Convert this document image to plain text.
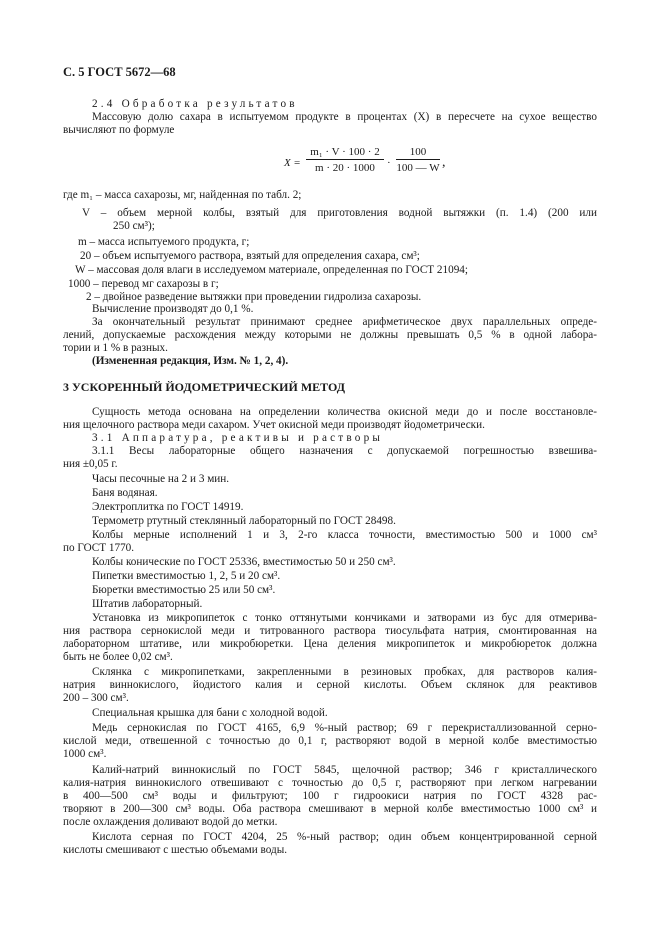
С. 5 ГОСТ 5672—68
2.4 Обработка результатов
Массовую долю сахара в испытуемом продукте в процентах (X) в пересчете на сухое вещество
вычисляют по формуле
X =
m₁ · V · 100 · 2
m · 20 · 1000	·
100
100 — W ,
где m₁ – масса сахарозы, мг, найденная по табл. 2;
V – объем мерной колбы, взятый для приготовления водной вытяжки (п. 1.4) (200 или
250 см³);
m – масса испытуемого продукта, г;
20 – объем испытуемого раствора, взятый для определения сахара, см³;
W – массовая доля влаги в исследуемом материале, определенная по ГОСТ 21094;
1000 – перевод мг сахарозы в г;
2 – двойное разведение вытяжки при проведении гидролиза сахарозы.
Вычисление производят до 0,1 %.
За окончательный результат принимают среднее арифметическое двух параллельных опреде-
лений, допускаемые расхождения между которыми не должны превышать 0,5 % в одной лабора-
тории и 1 % в разных.
(Измененная редакция, Изм. № 1, 2, 4).
3 УСКОРЕННЫЙ ЙОДОМЕТРИЧЕСКИЙ МЕТОД
Сущность метода основана на определении количества окисной меди до и после восстановле-
ния щелочного раствора меди сахаром. Учет окисной меди производят йодометрически.
3.1 Аппаратура, реактивы и растворы
3.1.1 Весы лабораторные общего назначения с допускаемой погрешностью взвешива-
ния ±0,05 г.
Часы песочные на 2 и 3 мин.
Баня водяная.
Электроплитка по ГОСТ 14919.
Термометр ртутный стеклянный лабораторный по ГОСТ 28498.
Колбы мерные исполнений 1 и 3, 2-го класса точности, вместимостью 500 и 1000 см³
по ГОСТ 1770.
Колбы конические по ГОСТ 25336, вместимостью 50 и 250 см³.
Пипетки вместимостью 1, 2, 5 и 20 см³.
Бюретки вместимостью 25 или 50 см³.
Штатив лабораторный.
Установка из микропипеток с тонко оттянутыми кончиками и затворами из бус для отмерива-
ния раствора сернокислой меди и титрованного раствора тиосульфата натрия, смонтированная на
лабораторном штативе, или микробюретки. Цена деления микропипеток и микробюреток должна
быть не более 0,02 см³.
Склянка с микропипетками, закрепленными в резиновых пробках, для растворов калия-
натрия виннокислого, йодистого калия и серной кислоты. Объем склянок для реактивов
200 – 300 см³.
Специальная крышка для бани с холодной водой.
Медь сернокислая по ГОСТ 4165, 6,9 %-ный раствор; 69 г перекристаллизованной серно-
кислой меди, отвешенной с точностью до 0,1 г, растворяют водой в мерной колбе вместимостью
1000 см³.
Калий-натрий виннокислый по ГОСТ 5845, щелочной раствор; 346 г кристаллического
калия-натрия виннокислого отвешивают с точностью до 0,5 г, растворяют при легком нагревании
в 400—500 см³ воды и фильтруют; 100 г гидроокиси натрия по ГОСТ 4328 рас-
творяют в 200—300 см³ воды. Оба раствора смешивают в мерной колбе вместимостью 1000 см³ и
после охлаждения доливают водой до метки.
Кислота серная по ГОСТ 4204, 25 %-ный раствор; один объем концентрированной серной
кислоты смешивают с шестью объемами воды.
